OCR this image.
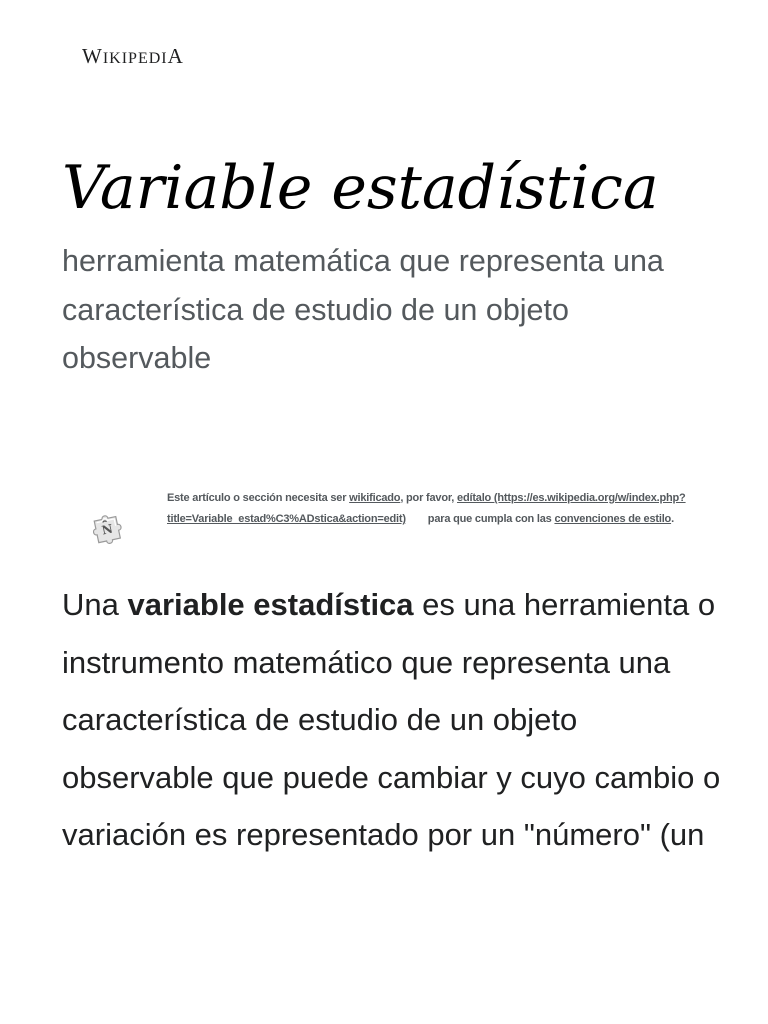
WIKIPEDIA
Variable estadística

herramienta matemática que representa una característica de estudio de un objeto observable

N
Este artículo o sección necesita ser wikificado, por favor, edítalo (https://es.wikipedia.org/w/index.php?title=Variable_estad%C3%ADstica&action=edit) para que cumpla con las convenciones de estilo.

Una variable estadística es una herramienta o instrumento matemático que representa una característica de estudio de un objeto observable que puede cambiar y cuyo cambio o variación es representado por un "número" (un
